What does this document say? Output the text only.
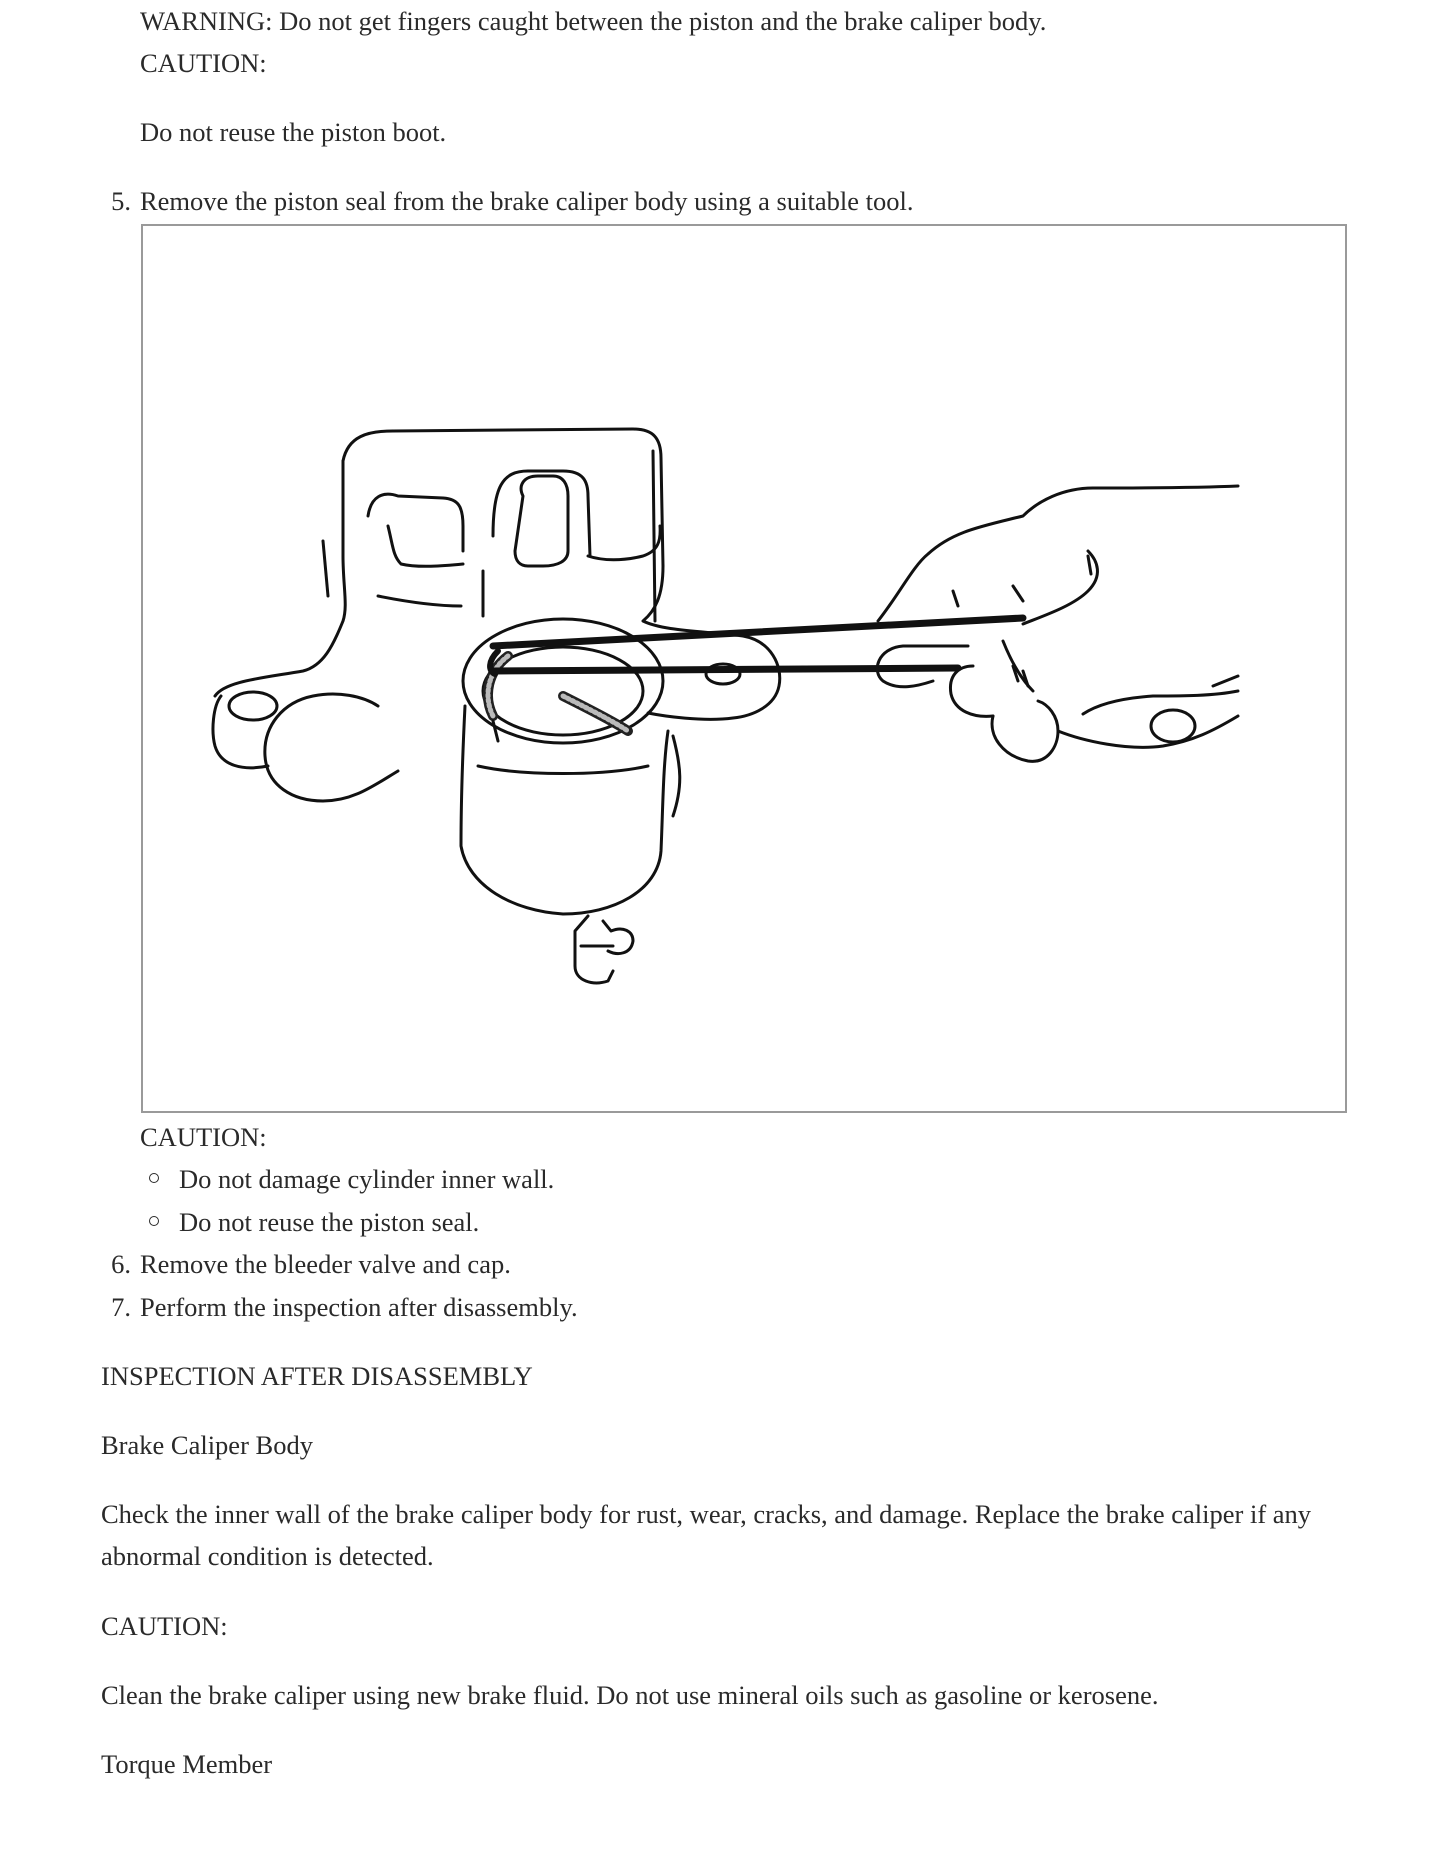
WARNING: Do not get fingers caught between the piston and the brake caliper body.
CAUTION:
Do not reuse the piston boot.
5. Remove the piston seal from the brake caliper body using a suitable tool.
CAUTION:
Do not damage cylinder inner wall.
Do not reuse the piston seal.
6. Remove the bleeder valve and cap.
7. Perform the inspection after disassembly.
INSPECTION AFTER DISASSEMBLY
Brake Caliper Body
Check the inner wall of the brake caliper body for rust, wear, cracks, and damage. Replace the brake caliper if any abnormal condition is detected.
CAUTION:
Clean the brake caliper using new brake fluid. Do not use mineral oils such as gasoline or kerosene.
Torque Member
